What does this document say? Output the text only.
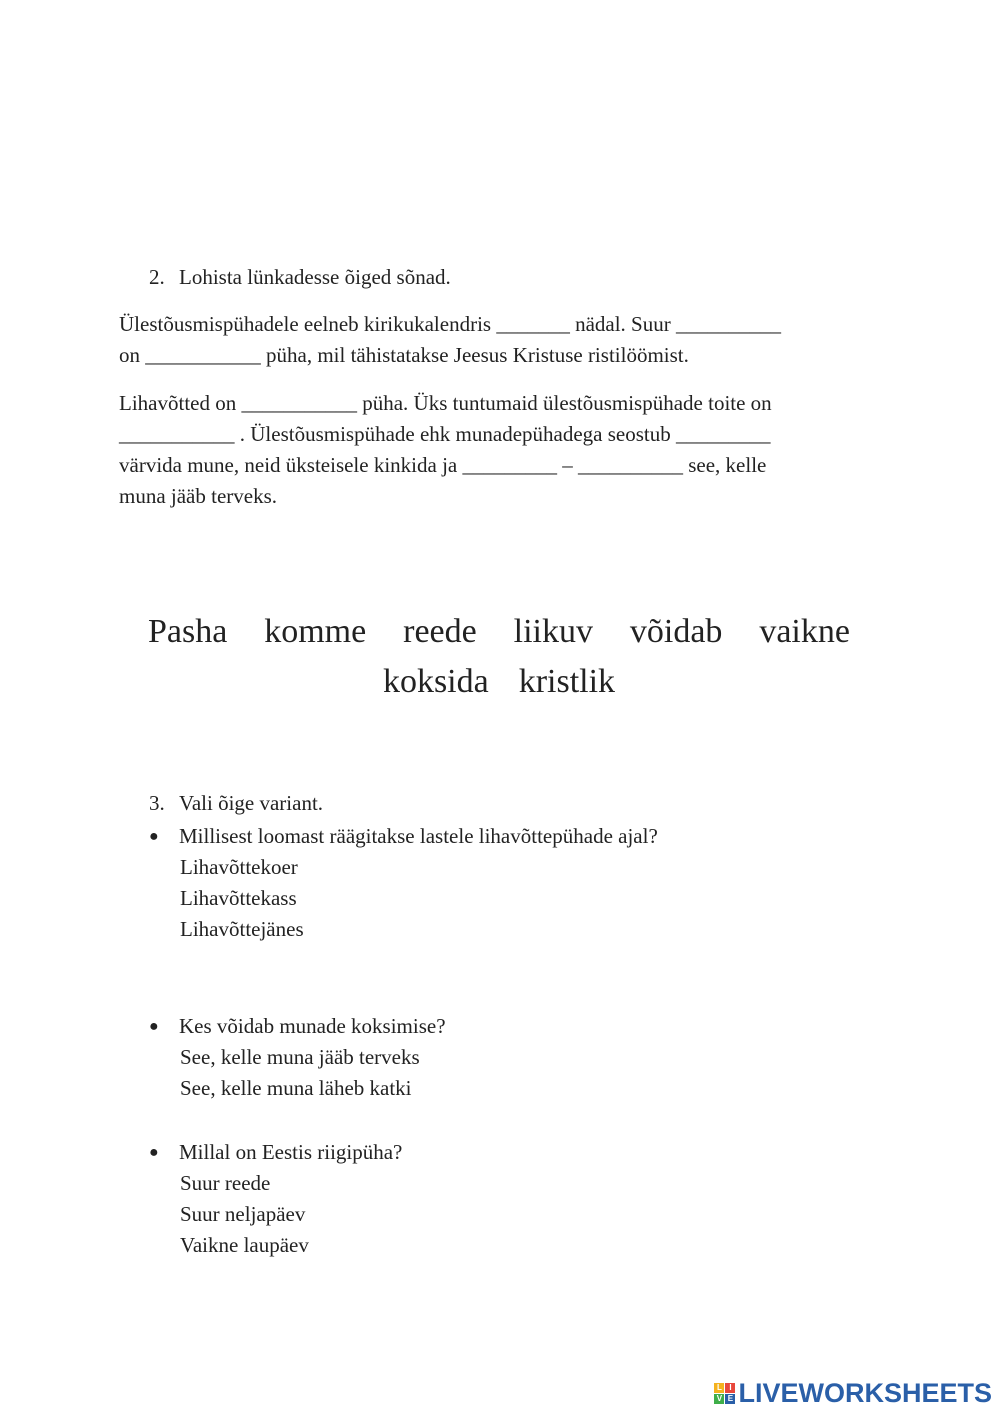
2. Lohista lünkadesse õiged sõnad.
Ülestõusmispühadele eelneb kirikukalendris _______ nädal. Suur __________
on ___________ püha, mil tähistatakse Jeesus Kristuse ristilöömist.
Lihavõtted on ___________ püha. Üks tuntumaid ülestõusmispühade toite on
___________ . Ülestõusmispühade ehk munadepühadega seostub _________
värvida mune, neid üksteisele kinkida ja _________ – __________ see, kelle
muna jääb terveks.
Pasha komme reede liikuv võidab vaikne
koksida kristlik
3. Vali õige variant.
● Millisest loomast räägitakse lastele lihavõttepühade ajal?
Lihavõttekoer
Lihavõttekass
Lihavõttejänes
● Kes võidab munade koksimise?
See, kelle muna jääb terveks
See, kelle muna läheb katki
● Millal on Eestis riigipüha?
Suur reede
Suur neljapäev
Vaikne laupäev
L I
V E LIVEWORKSHEETS
